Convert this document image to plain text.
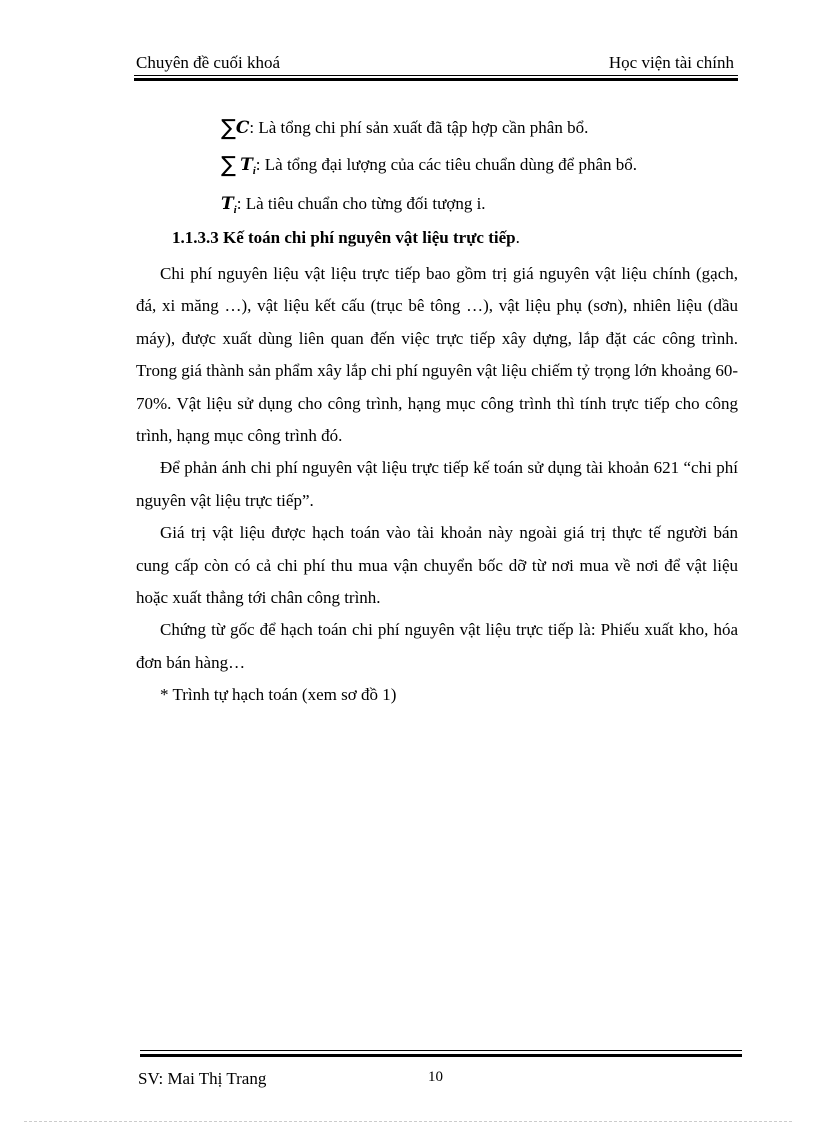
Chuyên đề cuối khoá	Học viện tài chính
∑C: Là tổng chi phí sản xuất đã tập hợp cần phân bổ.
∑ $T_i$: Là tổng đại lượng của các tiêu chuẩn dùng để phân bổ.
$T_i$: Là tiêu chuẩn cho từng đối tượng i.
1.1.3.3 Kế toán chi phí nguyên vật liệu trực tiếp.

Chi phí nguyên liệu vật liệu trực tiếp bao gồm trị giá nguyên vật liệu chính (gạch, đá, xi măng …), vật liệu kết cấu (trục bê tông …), vật liệu phụ (sơn), nhiên liệu (dầu máy), được xuất dùng liên quan đến việc trực tiếp xây dựng, lắp đặt các công trình. Trong giá thành sản phẩm xây lắp chi phí nguyên vật liệu chiếm tỷ trọng lớn khoảng 60-70%. Vật liệu sử dụng cho công trình, hạng mục công trình thì tính trực tiếp cho công trình, hạng mục công trình đó.

Để phản ánh chi phí nguyên vật liệu trực tiếp kế toán sử dụng tài khoản 621 “chi phí nguyên vật liệu trực tiếp”.

Giá trị vật liệu được hạch toán vào tài khoản này ngoài giá trị thực tế người bán cung cấp còn có cả chi phí thu mua vận chuyển bốc dỡ từ nơi mua về nơi để vật liệu hoặc xuất thẳng tới chân công trình.

Chứng từ gốc để hạch toán chi phí nguyên vật liệu trực tiếp là: Phiếu xuất kho, hóa đơn bán hàng…

* Trình tự hạch toán (xem sơ đồ 1)

SV: Mai Thị Trang	10
